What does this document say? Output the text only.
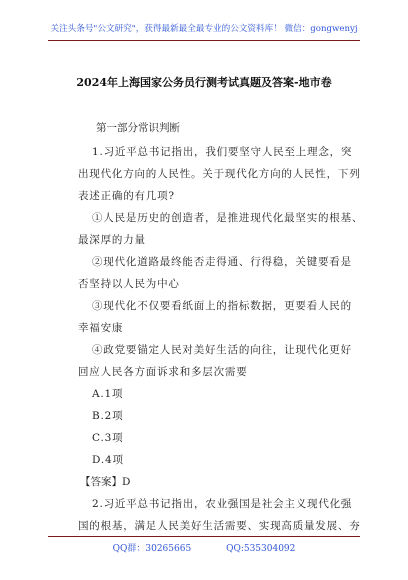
关注头条号"公文研究"，获得最新最全最专业的公文资料库！ 微信：gongwenyj
2024年上海国家公务员行测考试真题及答案-地市卷
第一部分常识判断
1.习近平总书记指出，我们要坚守人民至上理念，突
出现代化方向的人民性。关于现代化方向的人民性，下列
表述正确的有几项?
①人民是历史的创造者，是推进现代化最坚实的根基、
最深厚的力量
②现代化道路最终能否走得通、行得稳，关键要看是
否坚持以人民为中心
③现代化不仅要看纸面上的指标数据，更要看人民的
幸福安康
④政党要锚定人民对美好生活的向往，让现代化更好
回应人民各方面诉求和多层次需要
A.1项
B.2项
C.3项
D.4项
【答案】D
2.习近平总书记指出，农业强国是社会主义现代化强
国的根基，满足人民美好生活需要、实现高质量发展、夯
QQ群：30265665	QQ:535304092
